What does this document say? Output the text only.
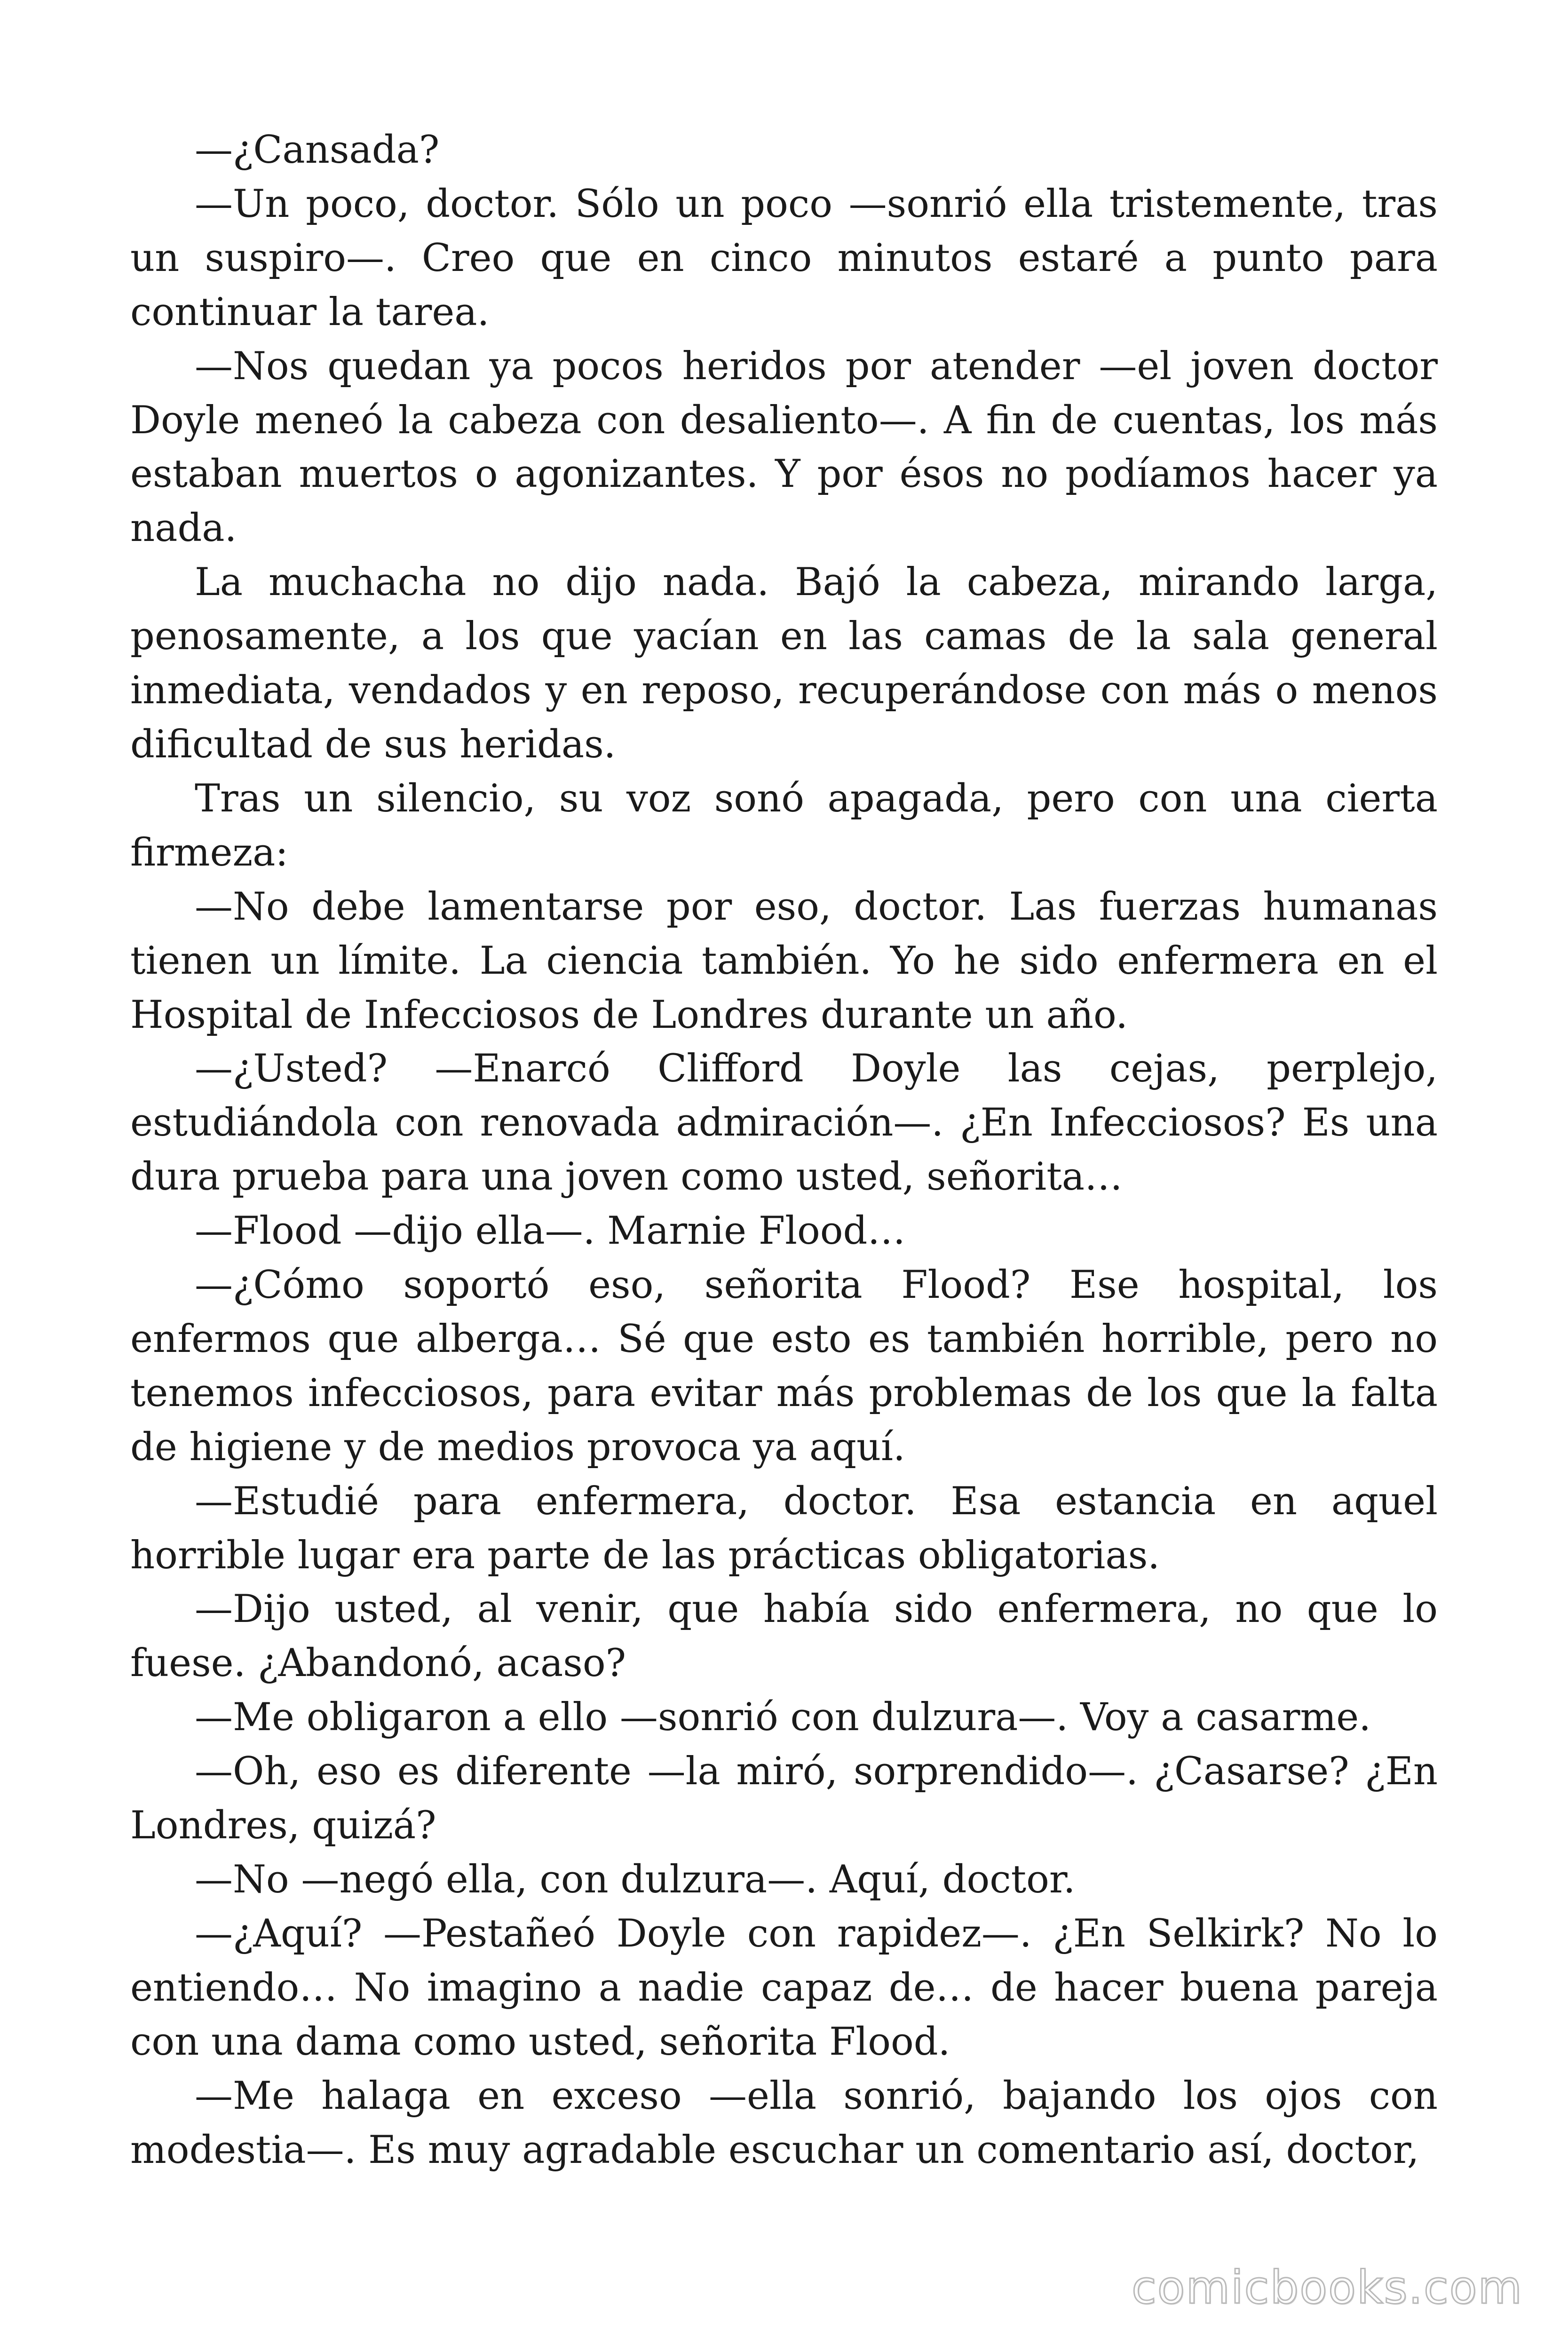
—¿Cansada?

—Un poco, doctor. Sólo un poco —sonrió ella tristemente, tras un suspiro—. Creo que en cinco minutos estaré a punto para continuar la tarea.

—Nos quedan ya pocos heridos por atender —el joven doctor Doyle meneó la cabeza con desaliento—. A fin de cuentas, los más estaban muertos o agonizantes. Y por ésos no podíamos hacer ya nada.

La muchacha no dijo nada. Bajó la cabeza, mirando larga, penosamente, a los que yacían en las camas de la sala general inmediata, vendados y en reposo, recuperándose con más o menos dificultad de sus heridas.

Tras un silencio, su voz sonó apagada, pero con una cierta firmeza:

—No debe lamentarse por eso, doctor. Las fuerzas humanas tienen un límite. La ciencia también. Yo he sido enfermera en el Hospital de Infecciosos de Londres durante un año.

—¿Usted? —Enarcó Clifford Doyle las cejas, perplejo, estudiándola con renovada admiración—. ¿En Infecciosos? Es una dura prueba para una joven como usted, señorita…

—Flood —dijo ella—. Marnie Flood…

—¿Cómo soportó eso, señorita Flood? Ese hospital, los enfermos que alberga… Sé que esto es también horrible, pero no tenemos infecciosos, para evitar más problemas de los que la falta de higiene y de medios provoca ya aquí.

—Estudié para enfermera, doctor. Esa estancia en aquel horrible lugar era parte de las prácticas obligatorias.

—Dijo usted, al venir, que había sido enfermera, no que lo fuese. ¿Abandonó, acaso?

—Me obligaron a ello —sonrió con dulzura—. Voy a casarme.

—Oh, eso es diferente —la miró, sorprendido—. ¿Casarse? ¿En Londres, quizá?

—No —negó ella, con dulzura—. Aquí, doctor.

—¿Aquí? —Pestañeó Doyle con rapidez—. ¿En Selkirk? No lo entiendo… No imagino a nadie capaz de… de hacer buena pareja con una dama como usted, señorita Flood.

—Me halaga en exceso —ella sonrió, bajando los ojos con modestia—. Es muy agradable escuchar un comentario así, doctor,

comicbooks.com
